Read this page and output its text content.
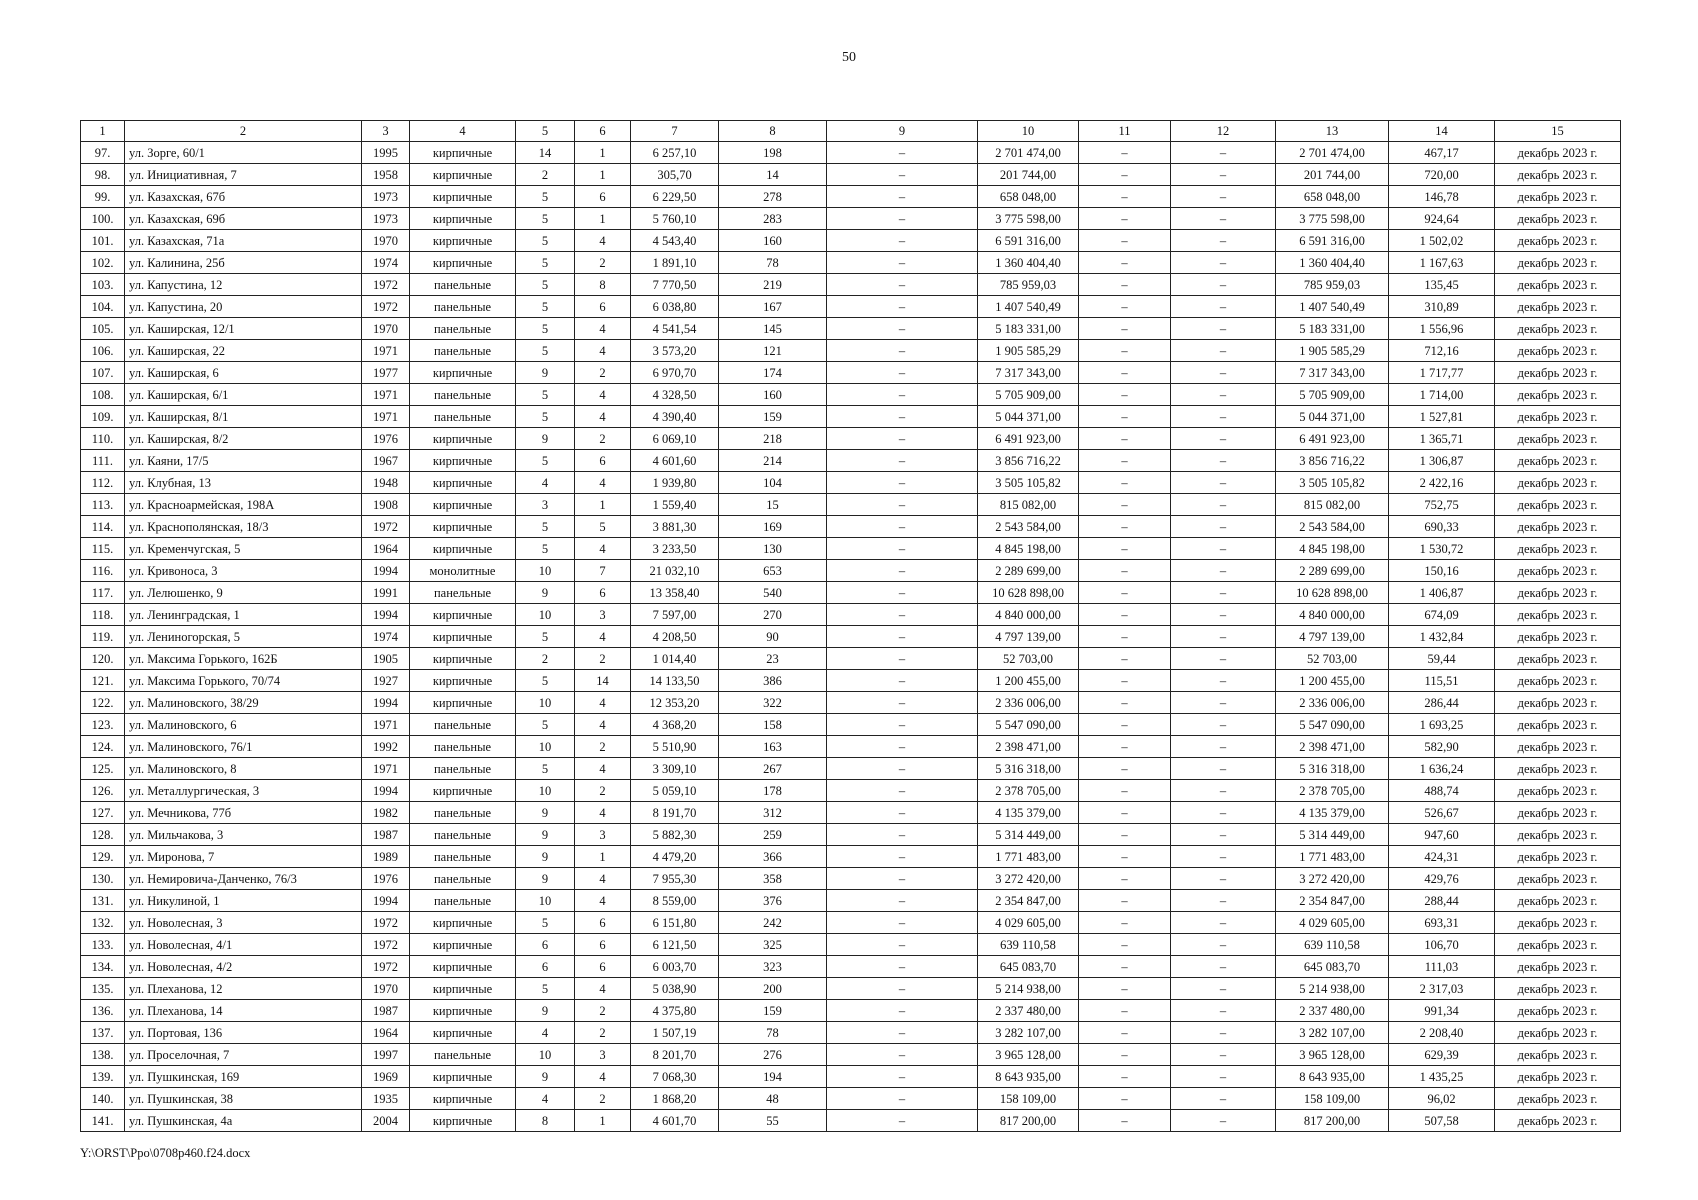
50
1	2	3	4	5	6	7	8	9	10	11	12	13	14	15
97.	ул. Зорге, 60/1	1995	кирпичные	14	1	6 257,10	198	–	2 701 474,00	–	–	2 701 474,00	467,17	декабрь 2023 г.
98.	ул. Инициативная, 7	1958	кирпичные	2	1	305,70	14	–	201 744,00	–	–	201 744,00	720,00	декабрь 2023 г.
99.	ул. Казахская, 67б	1973	кирпичные	5	6	6 229,50	278	–	658 048,00	–	–	658 048,00	146,78	декабрь 2023 г.
100.	ул. Казахская, 69б	1973	кирпичные	5	1	5 760,10	283	–	3 775 598,00	–	–	3 775 598,00	924,64	декабрь 2023 г.
101.	ул. Казахская, 71а	1970	кирпичные	5	4	4 543,40	160	–	6 591 316,00	–	–	6 591 316,00	1 502,02	декабрь 2023 г.
102.	ул. Калинина, 25б	1974	кирпичные	5	2	1 891,10	78	–	1 360 404,40	–	–	1 360 404,40	1 167,63	декабрь 2023 г.
103.	ул. Капустина, 12	1972	панельные	5	8	7 770,50	219	–	785 959,03	–	–	785 959,03	135,45	декабрь 2023 г.
104.	ул. Капустина, 20	1972	панельные	5	6	6 038,80	167	–	1 407 540,49	–	–	1 407 540,49	310,89	декабрь 2023 г.
105.	ул. Каширская, 12/1	1970	панельные	5	4	4 541,54	145	–	5 183 331,00	–	–	5 183 331,00	1 556,96	декабрь 2023 г.
106.	ул. Каширская, 22	1971	панельные	5	4	3 573,20	121	–	1 905 585,29	–	–	1 905 585,29	712,16	декабрь 2023 г.
107.	ул. Каширская, 6	1977	кирпичные	9	2	6 970,70	174	–	7 317 343,00	–	–	7 317 343,00	1 717,77	декабрь 2023 г.
108.	ул. Каширская, 6/1	1971	панельные	5	4	4 328,50	160	–	5 705 909,00	–	–	5 705 909,00	1 714,00	декабрь 2023 г.
109.	ул. Каширская, 8/1	1971	панельные	5	4	4 390,40	159	–	5 044 371,00	–	–	5 044 371,00	1 527,81	декабрь 2023 г.
110.	ул. Каширская, 8/2	1976	кирпичные	9	2	6 069,10	218	–	6 491 923,00	–	–	6 491 923,00	1 365,71	декабрь 2023 г.
111.	ул. Каяни, 17/5	1967	кирпичные	5	6	4 601,60	214	–	3 856 716,22	–	–	3 856 716,22	1 306,87	декабрь 2023 г.
112.	ул. Клубная, 13	1948	кирпичные	4	4	1 939,80	104	–	3 505 105,82	–	–	3 505 105,82	2 422,16	декабрь 2023 г.
113.	ул. Красноармейская, 198А	1908	кирпичные	3	1	1 559,40	15	–	815 082,00	–	–	815 082,00	752,75	декабрь 2023 г.
114.	ул. Краснополянская, 18/3	1972	кирпичные	5	5	3 881,30	169	–	2 543 584,00	–	–	2 543 584,00	690,33	декабрь 2023 г.
115.	ул. Кременчугская, 5	1964	кирпичные	5	4	3 233,50	130	–	4 845 198,00	–	–	4 845 198,00	1 530,72	декабрь 2023 г.
116.	ул. Кривоноса, 3	1994	монолитные	10	7	21 032,10	653	–	2 289 699,00	–	–	2 289 699,00	150,16	декабрь 2023 г.
117.	ул. Лелюшенко, 9	1991	панельные	9	6	13 358,40	540	–	10 628 898,00	–	–	10 628 898,00	1 406,87	декабрь 2023 г.
118.	ул. Ленинградская, 1	1994	кирпичные	10	3	7 597,00	270	–	4 840 000,00	–	–	4 840 000,00	674,09	декабрь 2023 г.
119.	ул. Лениногорская, 5	1974	кирпичные	5	4	4 208,50	90	–	4 797 139,00	–	–	4 797 139,00	1 432,84	декабрь 2023 г.
120.	ул. Максима Горького, 162Б	1905	кирпичные	2	2	1 014,40	23	–	52 703,00	–	–	52 703,00	59,44	декабрь 2023 г.
121.	ул. Максима Горького, 70/74	1927	кирпичные	5	14	14 133,50	386	–	1 200 455,00	–	–	1 200 455,00	115,51	декабрь 2023 г.
122.	ул. Малиновского, 38/29	1994	кирпичные	10	4	12 353,20	322	–	2 336 006,00	–	–	2 336 006,00	286,44	декабрь 2023 г.
123.	ул. Малиновского, 6	1971	панельные	5	4	4 368,20	158	–	5 547 090,00	–	–	5 547 090,00	1 693,25	декабрь 2023 г.
124.	ул. Малиновского, 76/1	1992	панельные	10	2	5 510,90	163	–	2 398 471,00	–	–	2 398 471,00	582,90	декабрь 2023 г.
125.	ул. Малиновского, 8	1971	панельные	5	4	3 309,10	267	–	5 316 318,00	–	–	5 316 318,00	1 636,24	декабрь 2023 г.
126.	ул. Металлургическая, 3	1994	кирпичные	10	2	5 059,10	178	–	2 378 705,00	–	–	2 378 705,00	488,74	декабрь 2023 г.
127.	ул. Мечникова, 77б	1982	панельные	9	4	8 191,70	312	–	4 135 379,00	–	–	4 135 379,00	526,67	декабрь 2023 г.
128.	ул. Мильчакова, 3	1987	панельные	9	3	5 882,30	259	–	5 314 449,00	–	–	5 314 449,00	947,60	декабрь 2023 г.
129.	ул. Миронова, 7	1989	панельные	9	1	4 479,20	366	–	1 771 483,00	–	–	1 771 483,00	424,31	декабрь 2023 г.
130.	ул. Немировича-Данченко, 76/3	1976	панельные	9	4	7 955,30	358	–	3 272 420,00	–	–	3 272 420,00	429,76	декабрь 2023 г.
131.	ул. Никулиной, 1	1994	панельные	10	4	8 559,00	376	–	2 354 847,00	–	–	2 354 847,00	288,44	декабрь 2023 г.
132.	ул. Новолесная, 3	1972	кирпичные	5	6	6 151,80	242	–	4 029 605,00	–	–	4 029 605,00	693,31	декабрь 2023 г.
133.	ул. Новолесная, 4/1	1972	кирпичные	6	6	6 121,50	325	–	639 110,58	–	–	639 110,58	106,70	декабрь 2023 г.
134.	ул. Новолесная, 4/2	1972	кирпичные	6	6	6 003,70	323	–	645 083,70	–	–	645 083,70	111,03	декабрь 2023 г.
135.	ул. Плеханова, 12	1970	кирпичные	5	4	5 038,90	200	–	5 214 938,00	–	–	5 214 938,00	2 317,03	декабрь 2023 г.
136.	ул. Плеханова, 14	1987	кирпичные	9	2	4 375,80	159	–	2 337 480,00	–	–	2 337 480,00	991,34	декабрь 2023 г.
137.	ул. Портовая, 136	1964	кирпичные	4	2	1 507,19	78	–	3 282 107,00	–	–	3 282 107,00	2 208,40	декабрь 2023 г.
138.	ул. Проселочная, 7	1997	панельные	10	3	8 201,70	276	–	3 965 128,00	–	–	3 965 128,00	629,39	декабрь 2023 г.
139.	ул. Пушкинская, 169	1969	кирпичные	9	4	7 068,30	194	–	8 643 935,00	–	–	8 643 935,00	1 435,25	декабрь 2023 г.
140.	ул. Пушкинская, 38	1935	кирпичные	4	2	1 868,20	48	–	158 109,00	–	–	158 109,00	96,02	декабрь 2023 г.
141.	ул. Пушкинская, 4а	2004	кирпичные	8	1	4 601,70	55	–	817 200,00	–	–	817 200,00	507,58	декабрь 2023 г.
Y:\ORST\Ppo\0708p460.f24.docx
